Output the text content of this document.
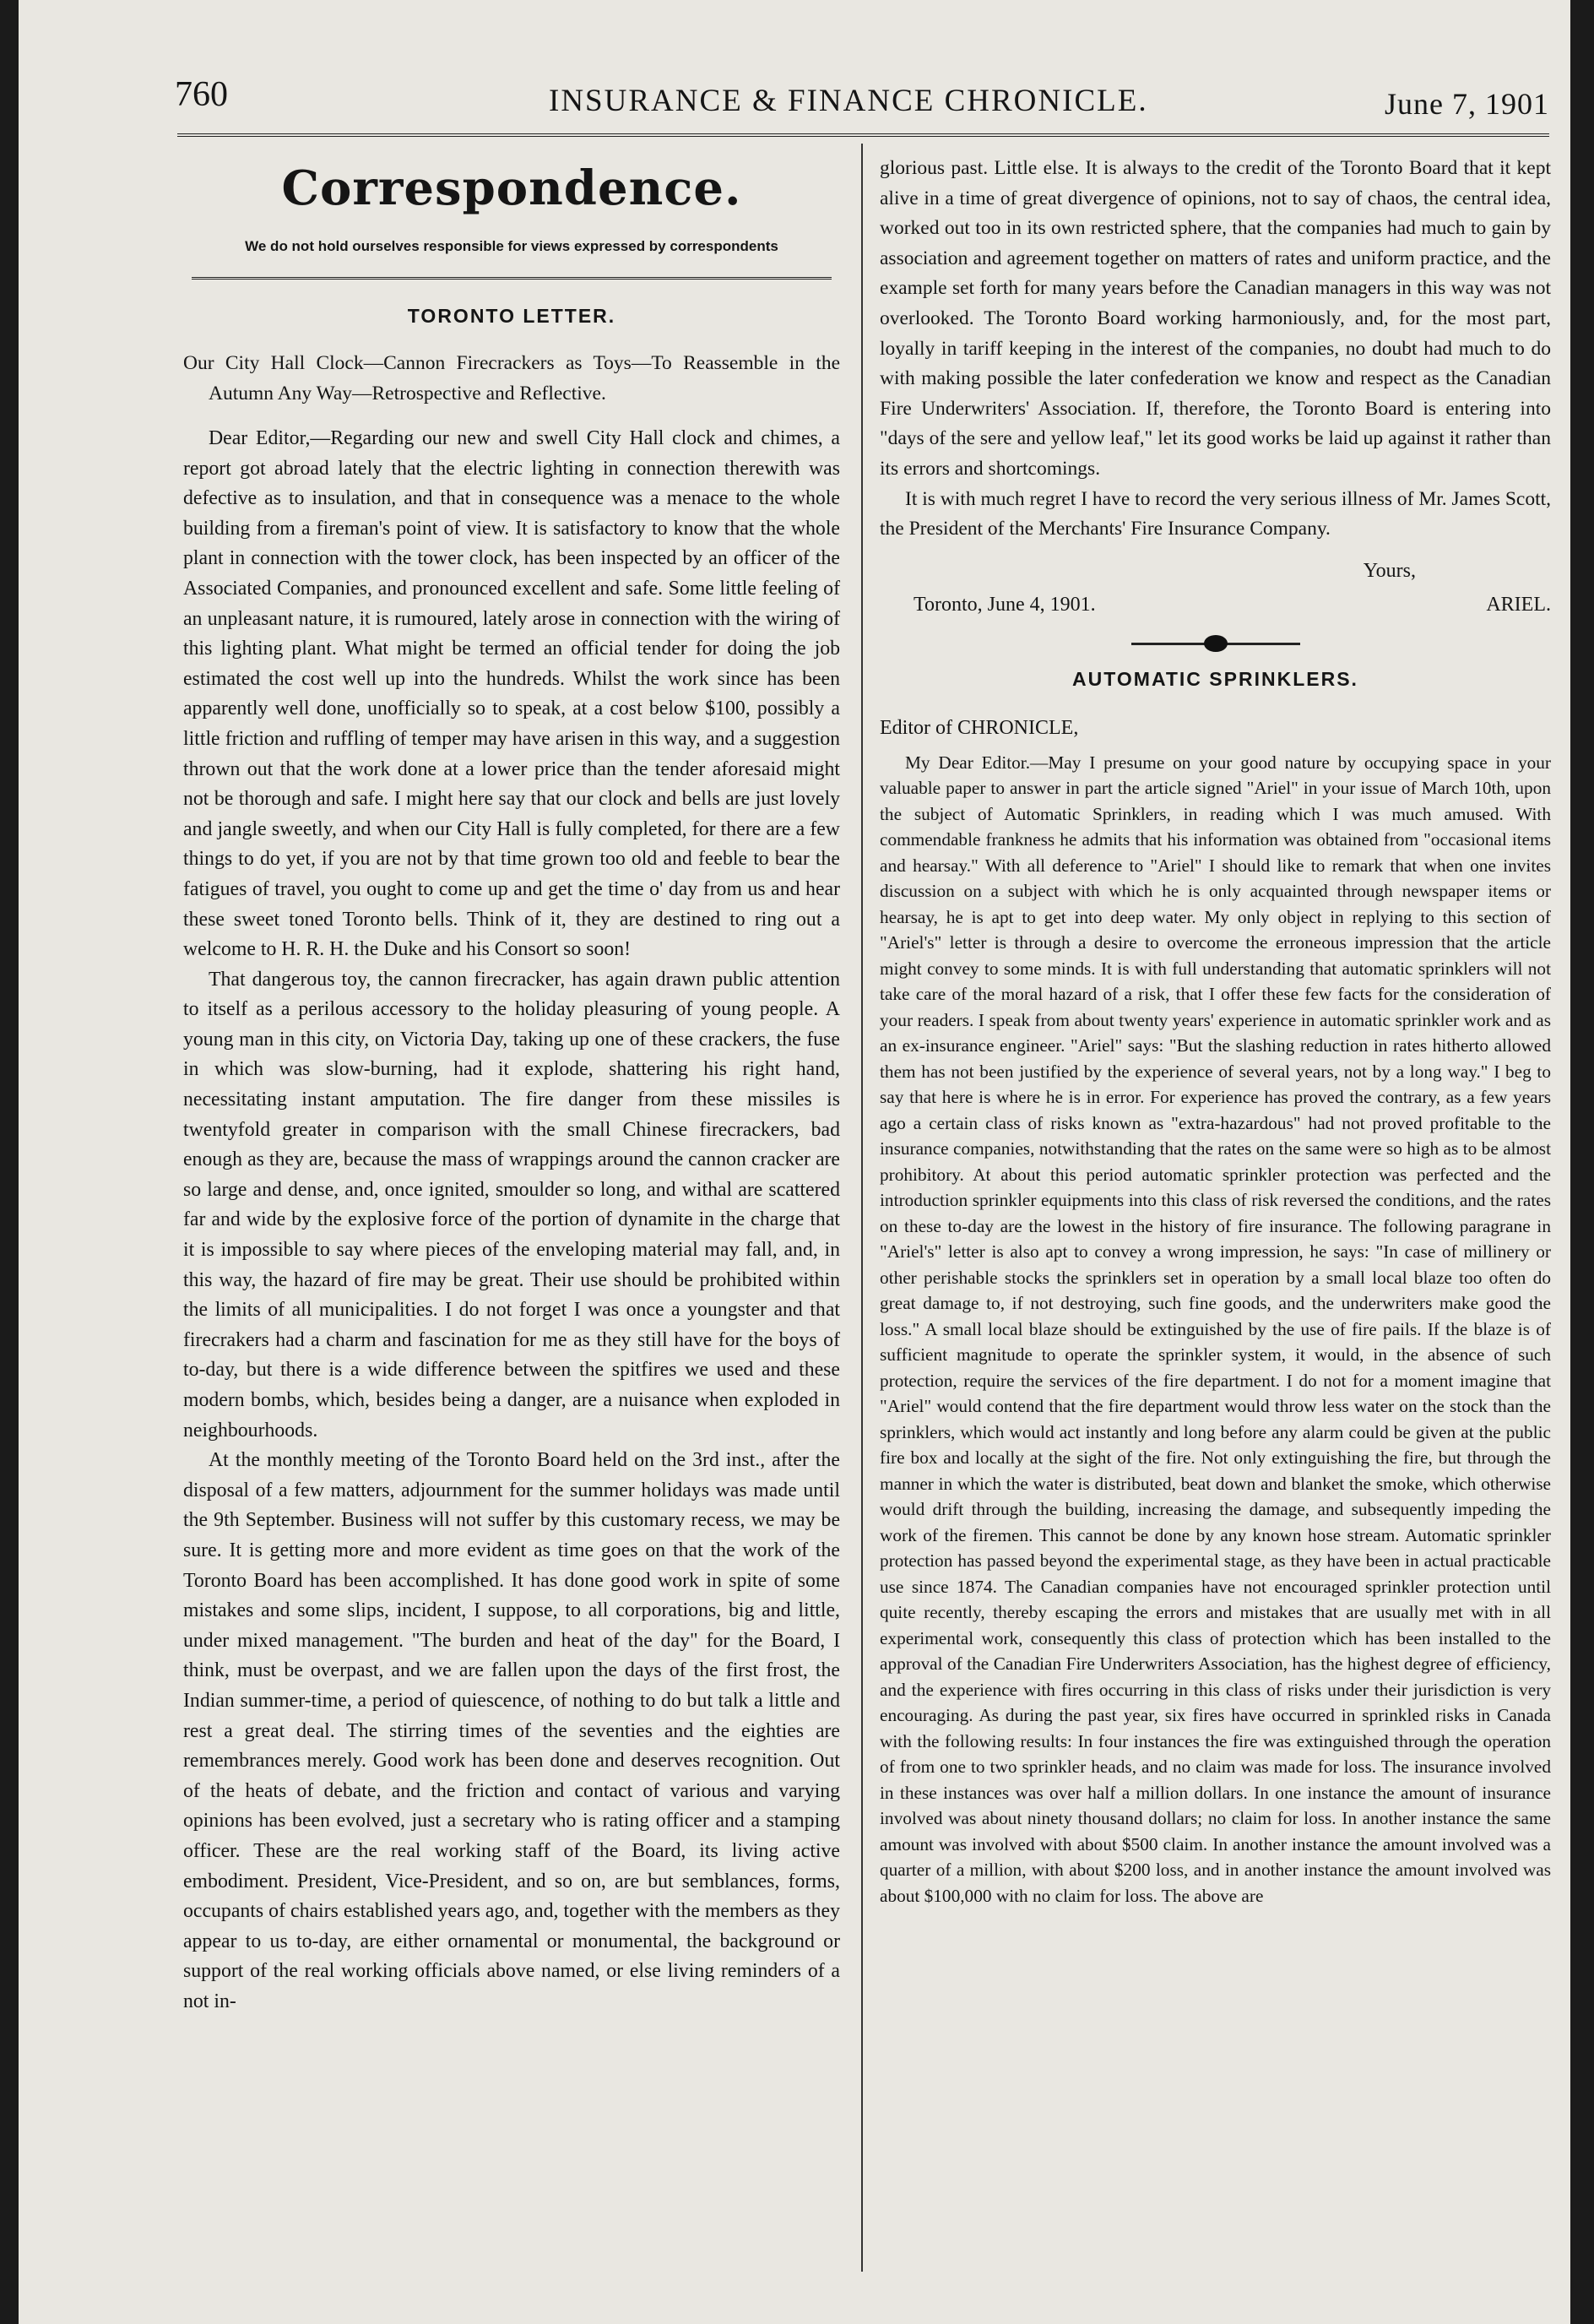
760	INSURANCE & FINANCE CHRONICLE.	June 7, 1901
Correspondence.
We do not hold ourselves responsible for views expressed by correspondents
TORONTO LETTER.

Our City Hall Clock—Cannon Firecrackers as Toys—To Reassemble in the Autumn Any Way—Retrospective and Reflective.

Dear Editor,—Regarding our new and swell City Hall clock and chimes, a report got abroad lately that the electric lighting in connection therewith was defective as to insulation, and that in consequence was a menace to the whole building from a fireman's point of view. It is satisfactory to know that the whole plant in connection with the tower clock, has been inspected by an officer of the Associated Companies, and pronounced excellent and safe. Some little feeling of an unpleasant nature, it is rumoured, lately arose in connection with the wiring of this lighting plant. What might be termed an official tender for doing the job estimated the cost well up into the hundreds. Whilst the work since has been apparently well done, unofficially so to speak, at a cost below $100, possibly a little friction and ruffling of temper may have arisen in this way, and a suggestion thrown out that the work done at a lower price than the tender aforesaid might not be thorough and safe. I might here say that our clock and bells are just lovely and jangle sweetly, and when our City Hall is fully completed, for there are a few things to do yet, if you are not by that time grown too old and feeble to bear the fatigues of travel, you ought to come up and get the time o' day from us and hear these sweet toned Toronto bells. Think of it, they are destined to ring out a welcome to H. R. H. the Duke and his Consort so soon!

That dangerous toy, the cannon firecracker, has again drawn public attention to itself as a perilous accessory to the holiday pleasuring of young people. A young man in this city, on Victoria Day, taking up one of these crackers, the fuse in which was slow-burning, had it explode, shattering his right hand, necessitating instant amputation. The fire danger from these missiles is twentyfold greater in comparison with the small Chinese firecrackers, bad enough as they are, because the mass of wrappings around the cannon cracker are so large and dense, and, once ignited, smoulder so long, and withal are scattered far and wide by the explosive force of the portion of dynamite in the charge that it is impossible to say where pieces of the enveloping material may fall, and, in this way, the hazard of fire may be great. Their use should be prohibited within the limits of all municipalities. I do not forget I was once a youngster and that firecrakers had a charm and fascination for me as they still have for the boys of to-day, but there is a wide difference between the spitfires we used and these modern bombs, which, besides being a danger, are a nuisance when exploded in neighbourhoods.

At the monthly meeting of the Toronto Board held on the 3rd inst., after the disposal of a few matters, adjournment for the summer holidays was made until the 9th September. Business will not suffer by this customary recess, we may be sure. It is getting more and more evident as time goes on that the work of the Toronto Board has been accomplished. It has done good work in spite of some mistakes and some slips, incident, I suppose, to all corporations, big and little, under mixed management. "The burden and heat of the day" for the Board, I think, must be overpast, and we are fallen upon the days of the first frost, the Indian summer-time, a period of quiescence, of nothing to do but talk a little and rest a great deal. The stirring times of the seventies and the eighties are remembrances merely. Good work has been done and deserves recognition. Out of the heats of debate, and the friction and contact of various and varying opinions has been evolved, just a secretary who is rating officer and a stamping officer. These are the real working staff of the Board, its living active embodiment. President, Vice-President, and so on, are but semblances, forms, occupants of chairs established years ago, and, together with the members as they appear to us to-day, are either ornamental or monumental, the background or support of the real working officials above named, or else living reminders of a not in-

glorious past. Little else. It is always to the credit of the Toronto Board that it kept alive in a time of great divergence of opinions, not to say of chaos, the central idea, worked out too in its own restricted sphere, that the companies had much to gain by association and agreement together on matters of rates and uniform practice, and the example set forth for many years before the Canadian managers in this way was not overlooked. The Toronto Board working harmoniously, and, for the most part, loyally in tariff keeping in the interest of the companies, no doubt had much to do with making possible the later confederation we know and respect as the Canadian Fire Underwriters' Association. If, therefore, the Toronto Board is entering into "days of the sere and yellow leaf," let its good works be laid up against it rather than its errors and shortcomings.

It is with much regret I have to record the very serious illness of Mr. James Scott, the President of the Merchants' Fire Insurance Company.

Yours,
Toronto, June 4, 1901.	ARIEL.
AUTOMATIC SPRINKLERS.

Editor of CHRONICLE,

My Dear Editor.—May I presume on your good nature by occupying space in your valuable paper to answer in part the article signed "Ariel" in your issue of March 10th, upon the subject of Automatic Sprinklers, in reading which I was much amused. With commendable frankness he admits that his information was obtained from "occasional items and hearsay." With all deference to "Ariel" I should like to remark that when one invites discussion on a subject with which he is only acquainted through newspaper items or hearsay, he is apt to get into deep water. My only object in replying to this section of "Ariel's" letter is through a desire to overcome the erroneous impression that the article might convey to some minds. It is with full understanding that automatic sprinklers will not take care of the moral hazard of a risk, that I offer these few facts for the consideration of your readers. I speak from about twenty years' experience in automatic sprinkler work and as an ex-insurance engineer. "Ariel" says: "But the slashing reduction in rates hitherto allowed them has not been justified by the experience of several years, not by a long way." I beg to say that here is where he is in error. For experience has proved the contrary, as a few years ago a certain class of risks known as "extra-hazardous" had not proved profitable to the insurance companies, notwithstanding that the rates on the same were so high as to be almost prohibitory. At about this period automatic sprinkler protection was perfected and the introduction sprinkler equipments into this class of risk reversed the conditions, and the rates on these to-day are the lowest in the history of fire insurance. The following paragrane in "Ariel's" letter is also apt to convey a wrong impression, he says: "In case of millinery or other perishable stocks the sprinklers set in operation by a small local blaze too often do great damage to, if not destroying, such fine goods, and the underwriters make good the loss." A small local blaze should be extinguished by the use of fire pails. If the blaze is of sufficient magnitude to operate the sprinkler system, it would, in the absence of such protection, require the services of the fire department. I do not for a moment imagine that "Ariel" would contend that the fire department would throw less water on the stock than the sprinklers, which would act instantly and long before any alarm could be given at the public fire box and locally at the sight of the fire. Not only extinguishing the fire, but through the manner in which the water is distributed, beat down and blanket the smoke, which otherwise would drift through the building, increasing the damage, and subsequently impeding the work of the firemen. This cannot be done by any known hose stream. Automatic sprinkler protection has passed beyond the experimental stage, as they have been in actual practicable use since 1874. The Canadian companies have not encouraged sprinkler protection until quite recently, thereby escaping the errors and mistakes that are usually met with in all experimental work, consequently this class of protection which has been installed to the approval of the Canadian Fire Underwriters Association, has the highest degree of efficiency, and the experience with fires occurring in this class of risks under their jurisdiction is very encouraging. As during the past year, six fires have occurred in sprinkled risks in Canada with the following results: In four instances the fire was extinguished through the operation of from one to two sprinkler heads, and no claim was made for loss. The insurance involved in these instances was over half a million dollars. In one instance the amount of insurance involved was about ninety thousand dollars; no claim for loss. In another instance the same amount was involved with about $500 claim. In another instance the amount involved was a quarter of a million, with about $200 loss, and in another instance the amount involved was about $100,000 with no claim for loss. The above are
